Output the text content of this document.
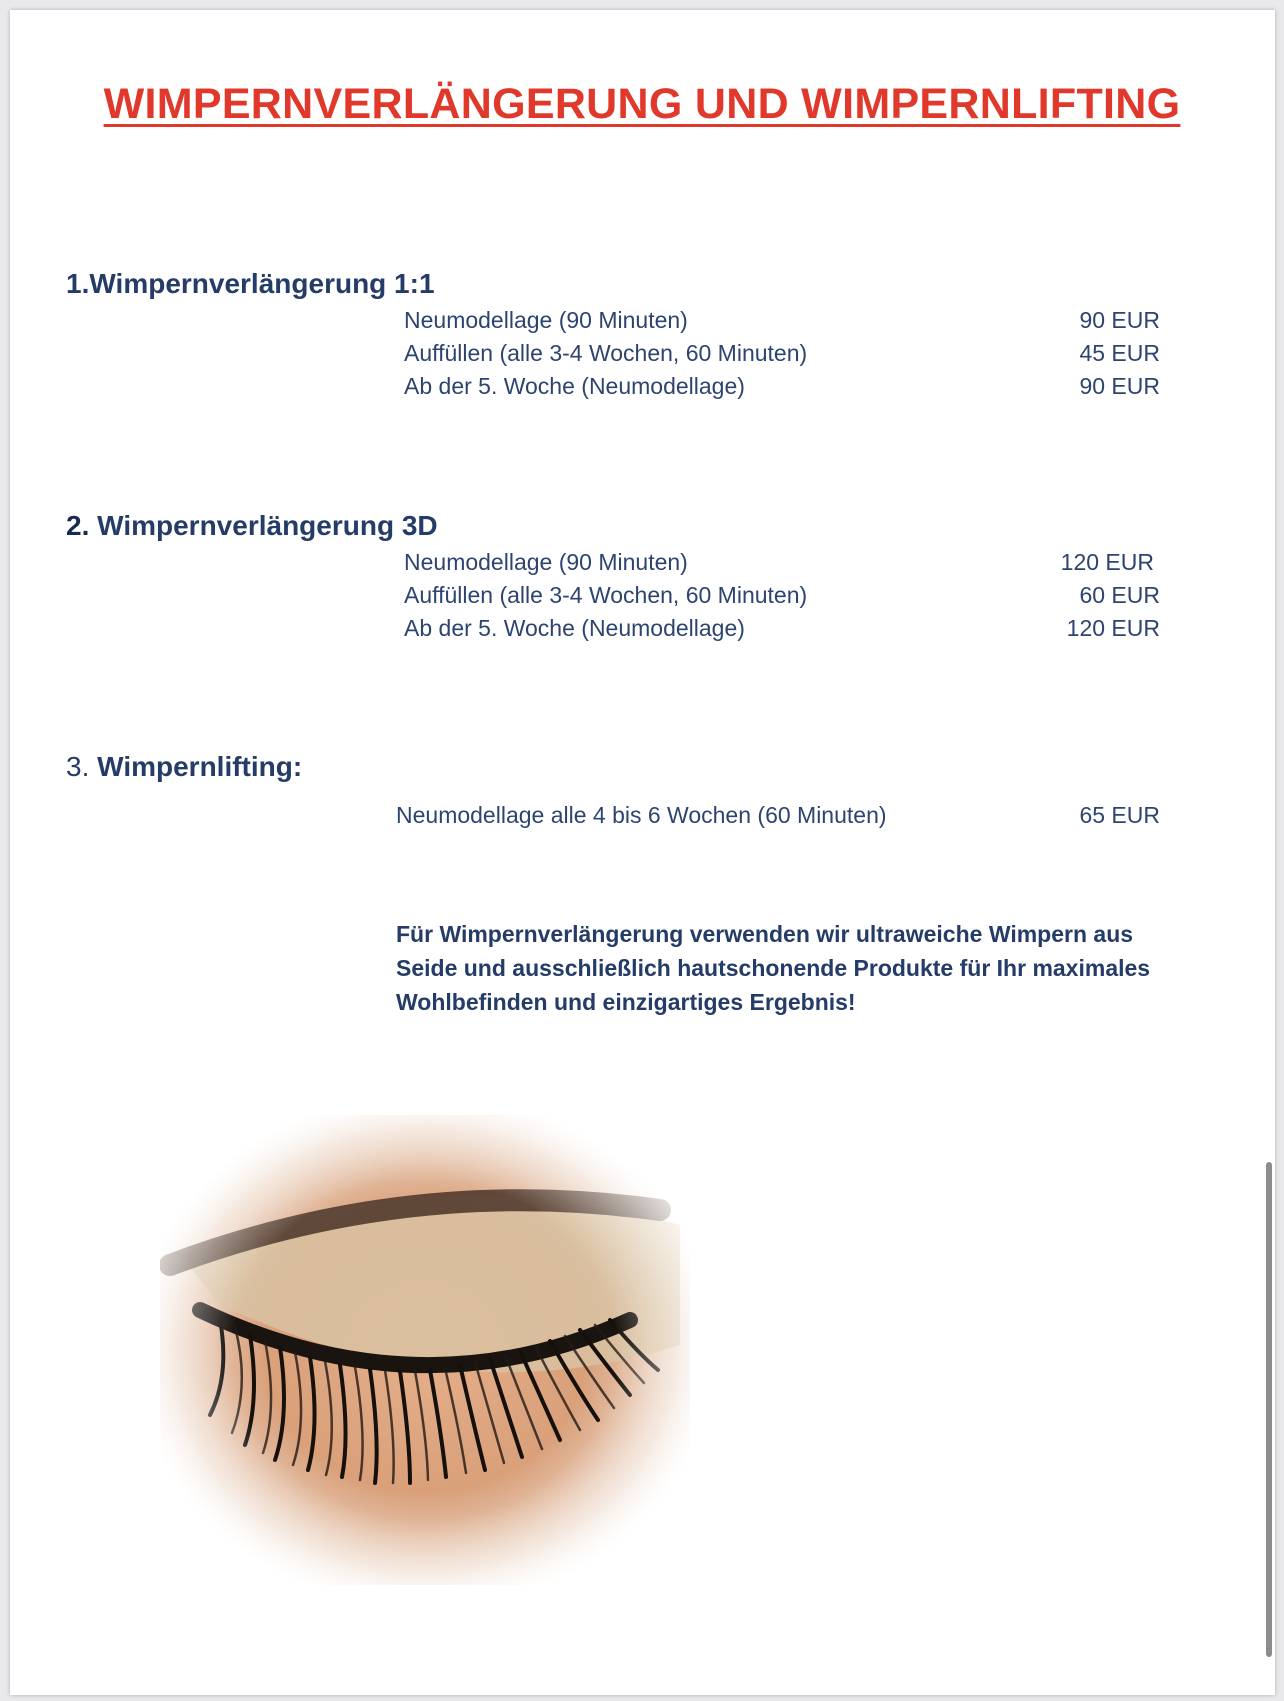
WIMPERNVERLÄNGERUNG UND WIMPERNLIFTING
1.Wimpernverlängerung 1:1
Neumodellage (90 Minuten)	90 EUR
Auffüllen (alle 3-4 Wochen, 60 Minuten)	45 EUR
Ab der 5. Woche (Neumodellage)	90 EUR
2. Wimpernverlängerung 3D
Neumodellage (90 Minuten)	120 EUR
Auffüllen (alle 3-4 Wochen, 60 Minuten)	60 EUR
Ab der 5. Woche (Neumodellage)	120 EUR
3. Wimpernlifting:
Neumodellage alle 4 bis 6 Wochen (60 Minuten)	65 EUR
Für Wimpernverlängerung verwenden wir ultraweiche Wimpern aus Seide und ausschließlich hautschonende Produkte für Ihr maximales Wohlbefinden und einzigartiges Ergebnis!
